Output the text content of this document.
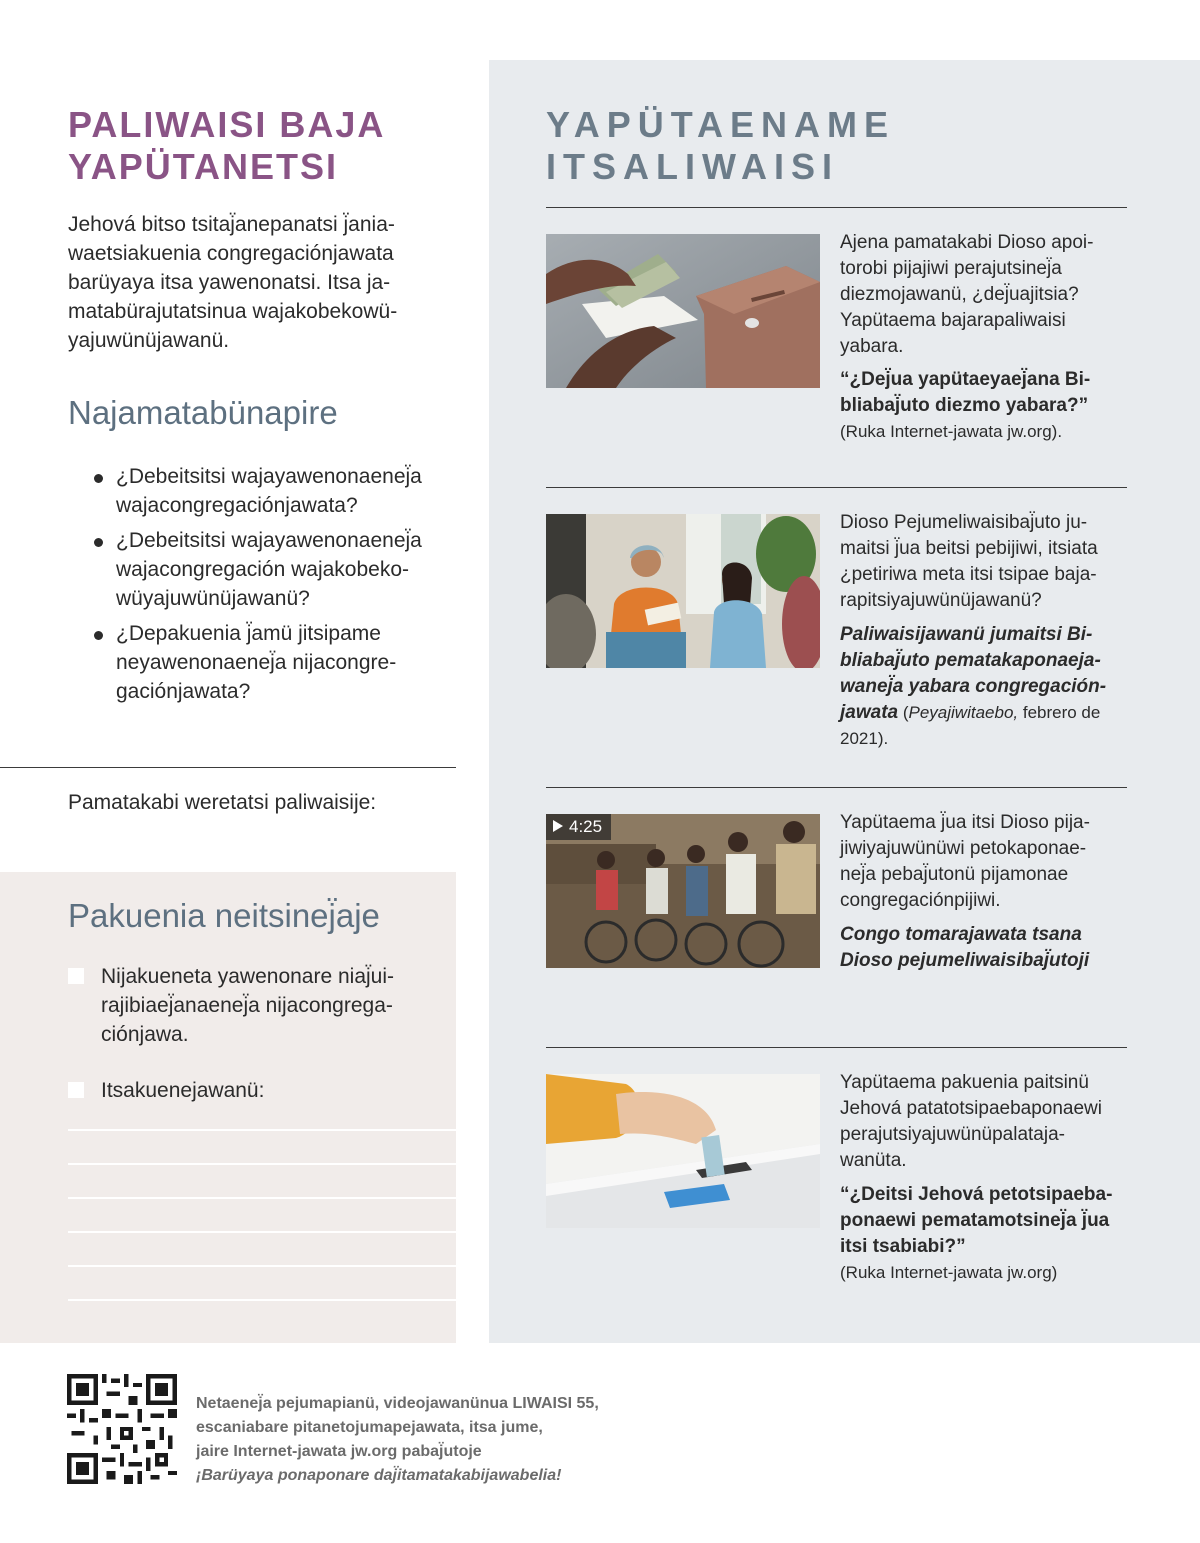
PALIWAISI BAJA
YAPÜTANETSI

Jehová bitso tsitaj̈anepanatsi j̈ania-
waetsiakuenia congregaciónjawata
barüyaya itsa yawenonatsi. Itsa ja-
matabürajutatsinua wajakobekowü-
yajuwünüjawanü.

Najamatabünapire
¿Debeitsitsi wajayawenonaenej̈a
wajacongregaciónjawata?
¿Debeitsitsi wajayawenonaenej̈a
wajacongregación wajakobeko-
wüyajuwünüjawanü?
¿Depakuenia j̈amü jitsipame
neyawenonaenej̈a nijacongre-
gaciónjawata?
Pamatakabi weretatsi paliwaisije:
Pakuenia neitsinej̈aje
Nijakueneta yawenonare niaj̈ui-
rajibiaej̈anaenej̈a nijacongrega-
ciónjawa.
Itsakuenejawanü:
YAPÜTAENAME
ITSALIWAISI
Ajena pamatakabi Dioso apoi-
torobi pijajiwi perajutsinej̈a
diezmojawanü, ¿dej̈uajitsia?
Yapütaema bajarapaliwaisi
yabara.
“¿Dej̈ua yapütaeyaej̈ana Bi-
bliabaj̈uto diezmo yabara?”
(Ruka Internet-jawata jw.org).
Dioso Pejumeliwaisibaj̈uto ju-
maitsi j̈ua beitsi pebijiwi, itsiata
¿petiriwa meta itsi tsipae baja-
rapitsiyajuwünüjawanü?
Paliwaisijawanü jumaitsi Bi-
bliabaj̈uto pematakaponaeja-
wanej̈a yabara congregación-
jawata (Peyajiwitaebo, febrero de
2021).
4:25	Yapütaema j̈ua itsi Dioso pija-
jiwiyajuwünüwi petokaponae-
nej̈a pebaj̈utonü pijamonae
congregaciónpijiwi.
Congo tomarajawata tsana
Dioso pejumeliwaisibaj̈utoji
Yapütaema pakuenia paitsinü
Jehová patatotsipaebaponaewi
perajutsiyajuwünüpalataja-
wanüta.
“¿Deitsi Jehová petotsipaeba-
ponaewi pematamotsinej̈a j̈ua
itsi tsabiabi?”
(Ruka Internet-jawata jw.org)
Netaenej̈a pejumapianü, videojawanünua LIWAISI 55,
escaniabare pitanetojumapejawata, itsa jume,
jaire Internet-jawata jw.org pabaj̈utoje
¡Barüyaya ponaponare daj̈itamatakabijawabelia!
